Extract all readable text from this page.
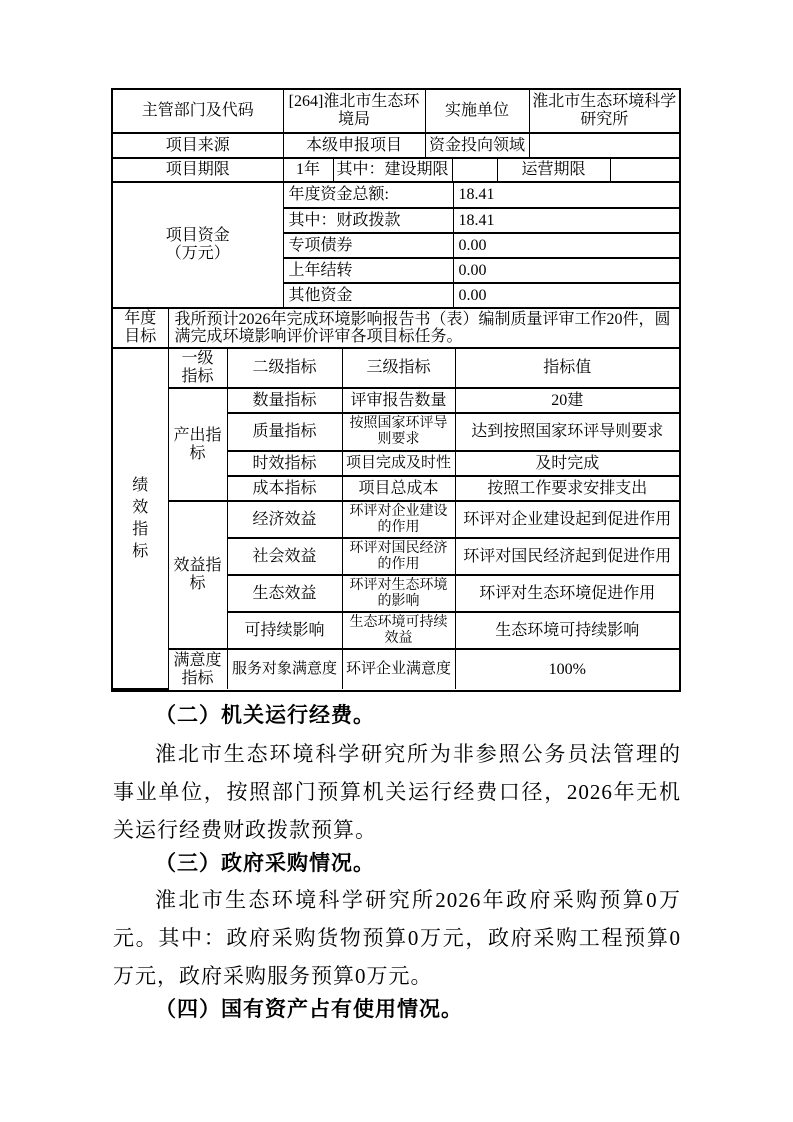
主管部门及代码	[264]淮北市生态环境局		实施单位			淮北市生态环境科学研究所	
项目来源	本级申报项目		资金投向领域				
项目期限	1年	其中：建设期限			运营期限		
项目资金
（万元）	年度资金总额:	18.41
	其中：财政拨款	18.41
	专项债券	0.00
	上年结转	0.00
	其他资金	0.00
年度目标
	我所预计2026年完成环境影响报告书（表）编制质量评审工作20件，圆满完成环境影响评价评审各项目标任务。
绩效指标	一级指标	二级指标	三级指标	指标值

	产出指标	数量指标	评审报告数量	20建
		质量指标	按照国家环评导则要求	达到按照国家环评导则要求
		时效指标	项目完成及时性	及时完成
		成本指标	项目总成本	按照工作要求安排支出

	效益指标	经济效益	环评对企业建设的作用	环评对企业建设起到促进作用
		社会效益	环评对国民经济的作用	环评对国民经济起到促进作用
		生态效益	环评对生态环境的影响	环评对生态环境促进作用
		可持续影响	生态环境可持续效益	生态环境可持续影响

	满意度指标	服务对象满意度	环评企业满意度	100%
（二）机关运行经费。
淮北市生态环境科学研究所为非参照公务员法管理的事业单位，按照部门预算机关运行经费口径，2026年无机关运行经费财政拨款预算。
（三）政府采购情况。
淮北市生态环境科学研究所2026年政府采购预算0万元。其中：政府采购货物预算0万元，政府采购工程预算0万元，政府采购服务预算0万元。
（四）国有资产占有使用情况。
